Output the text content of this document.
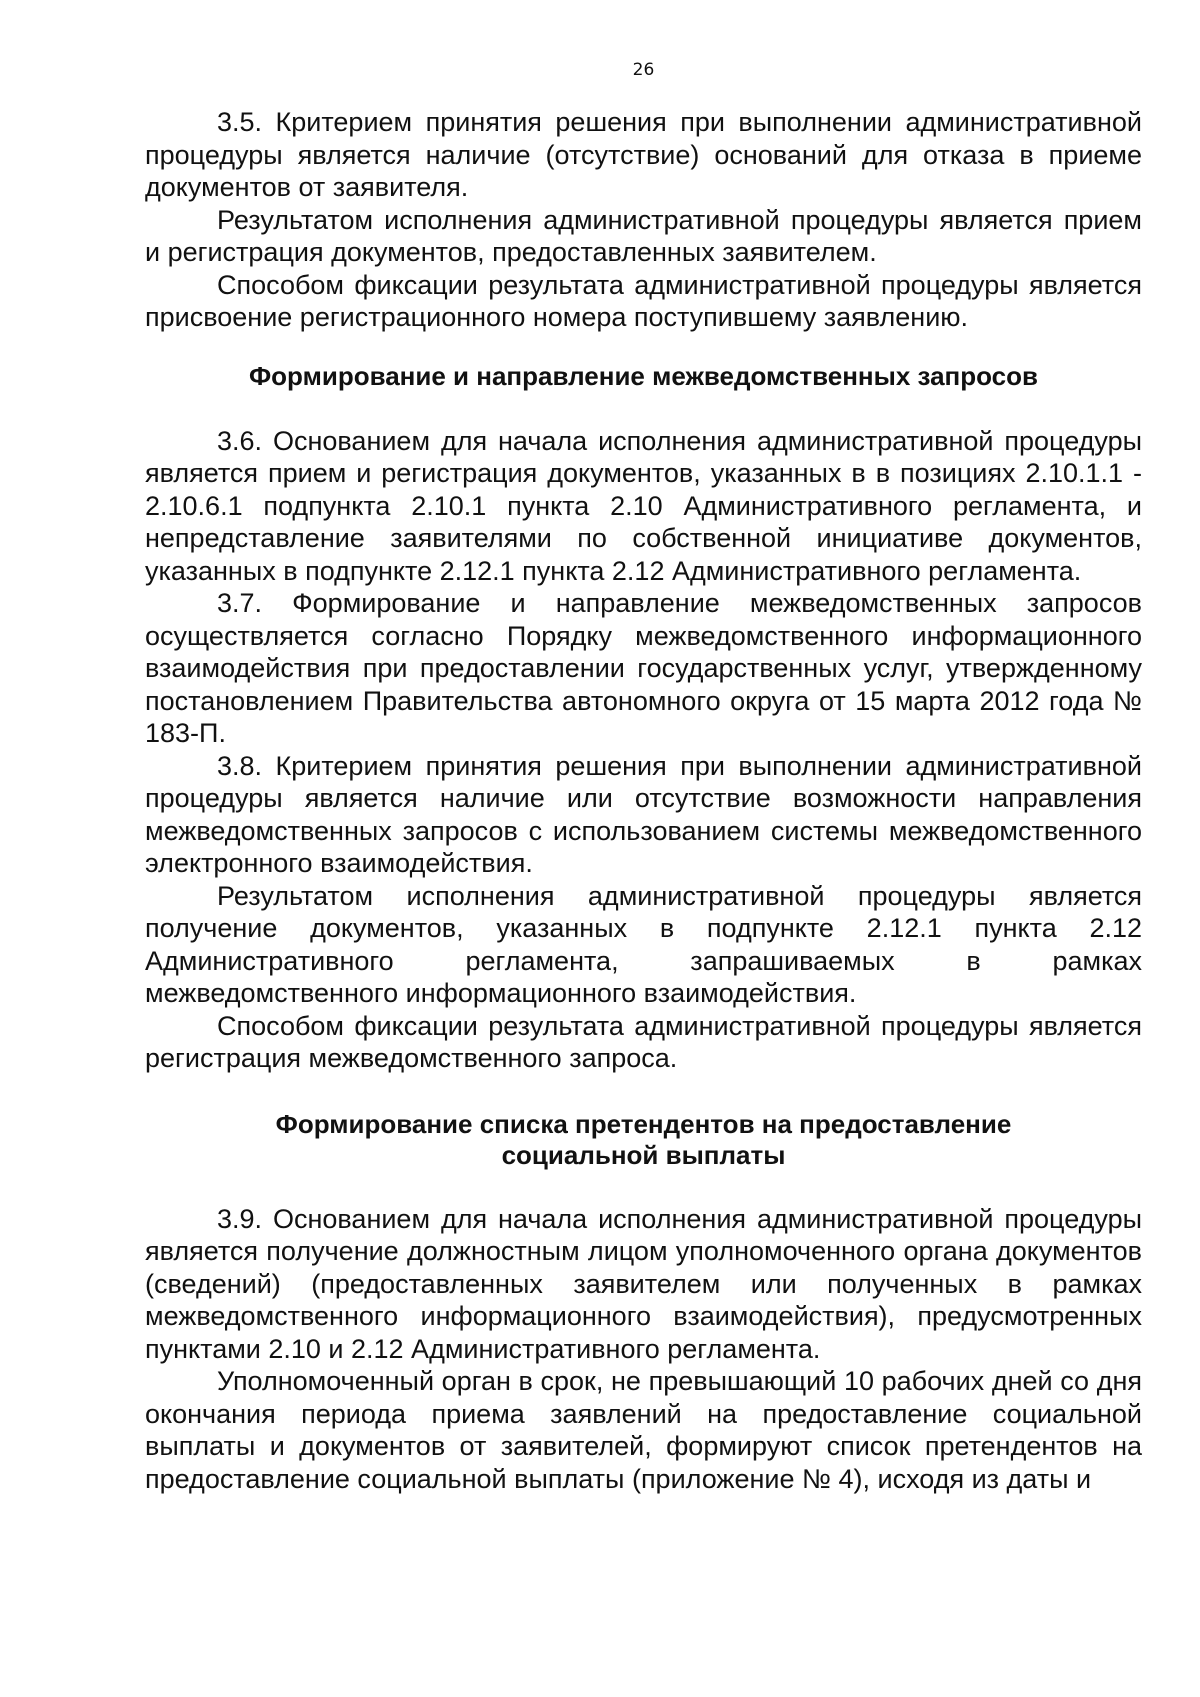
26

3.5. Критерием принятия решения при выполнении административной процедуры является наличие (отсутствие) оснований для отказа в приеме документов от заявителя.

Результатом исполнения административной процедуры является прием и регистрация документов, предоставленных заявителем.

Способом фиксации результата административной процедуры является присвоение регистрационного номера поступившему заявлению.

Формирование и направление межведомственных запросов

3.6. Основанием для начала исполнения административной процедуры является прием и регистрация документов, указанных в в позициях 2.10.1.1 - 2.10.6.1 подпункта 2.10.1 пункта 2.10 Административного регламента, и непредставление заявителями по собственной инициативе документов, указанных в подпункте 2.12.1 пункта 2.12 Административного регламента.

3.7. Формирование и направление межведомственных запросов осуществляется согласно Порядку межведомственного информационного взаимодействия при предоставлении государственных услуг, утвержденному постановлением Правительства автономного округа от 15 марта 2012 года № 183-П.

3.8. Критерием принятия решения при выполнении административной процедуры является наличие или отсутствие возможности направления межведомственных запросов с использованием системы межведомственного электронного взаимодействия.

Результатом исполнения административной процедуры является получение документов, указанных в подпункте 2.12.1 пункта 2.12 Административного регламента, запрашиваемых в рамках межведомственного информационного взаимодействия.

Способом фиксации результата административной процедуры является регистрация межведомственного запроса.

Формирование списка претендентов на предоставление
социальной выплаты

3.9. Основанием для начала исполнения административной процедуры является получение должностным лицом уполномоченного органа документов (сведений) (предоставленных заявителем или полученных в рамках межведомственного информационного взаимодействия), предусмотренных пунктами 2.10 и 2.12 Административного регламента.

Уполномоченный орган в срок, не превышающий 10 рабочих дней со дня окончания периода приема заявлений на предоставление социальной выплаты и документов от заявителей, формируют список претендентов на предоставление социальной выплаты (приложение № 4), исходя из даты и
